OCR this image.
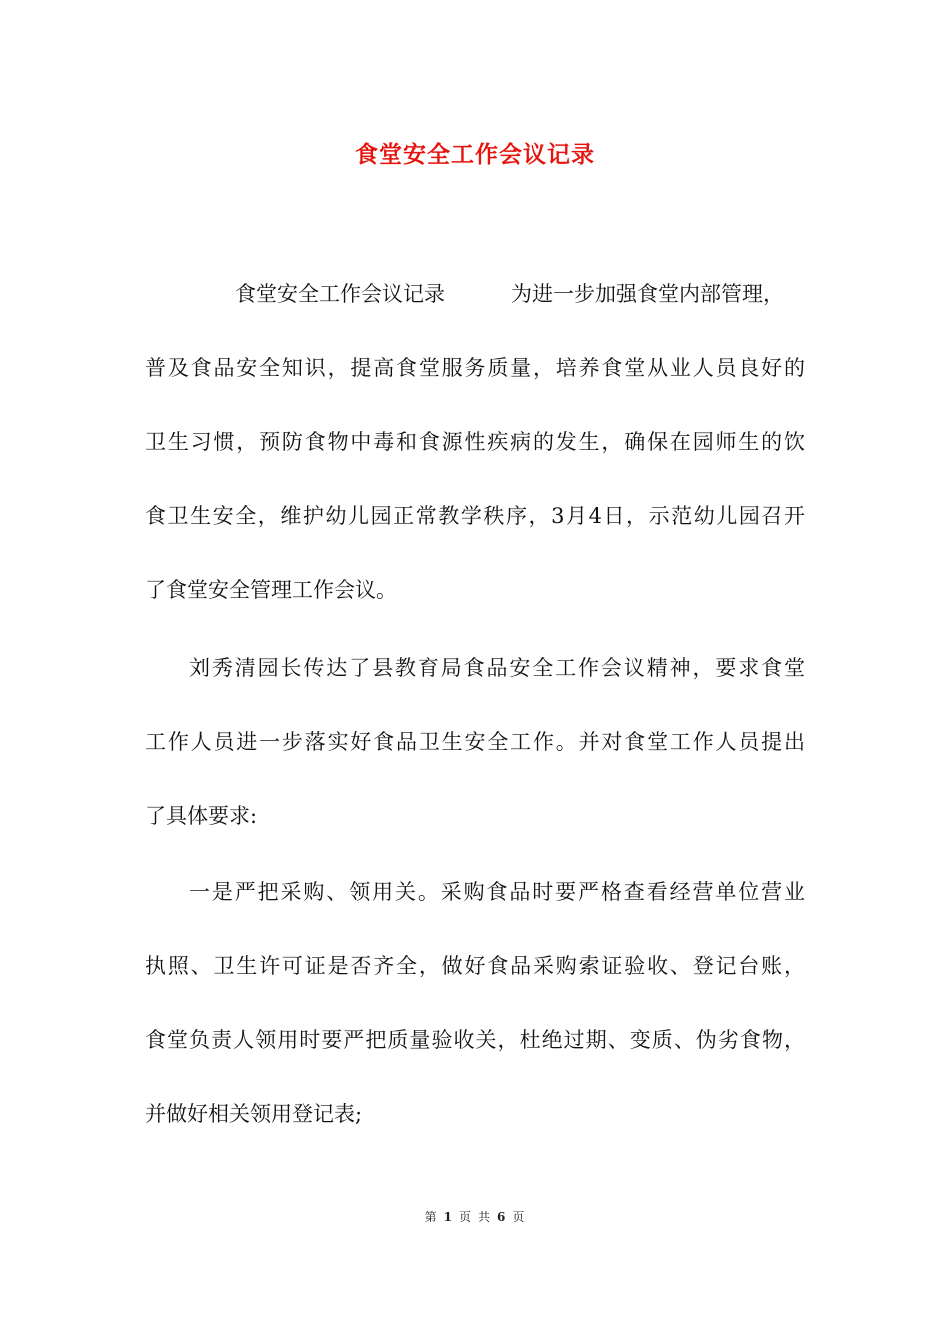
食堂安全工作会议记录
食堂安全工作会议记录	为进一步加强食堂内部管理，
普及食品安全知识，提高食堂服务质量，培养食堂从业人员良好的
卫生习惯，预防食物中毒和食源性疾病的发生，确保在园师生的饮
食卫生安全，维护幼儿园正常教学秩序，3月4日，示范幼儿园召开
了食堂安全管理工作会议。
刘秀清园长传达了县教育局食品安全工作会议精神，要求食堂
工作人员进一步落实好食品卫生安全工作。并对食堂工作人员提出
了具体要求:
一是严把采购、领用关。采购食品时要严格查看经营单位营业
执照、卫生许可证是否齐全，做好食品采购索证验收、登记台账，
食堂负责人领用时要严把质量验收关，杜绝过期、变质、伪劣食物，
并做好相关领用登记表;
第 1 页 共 6 页
